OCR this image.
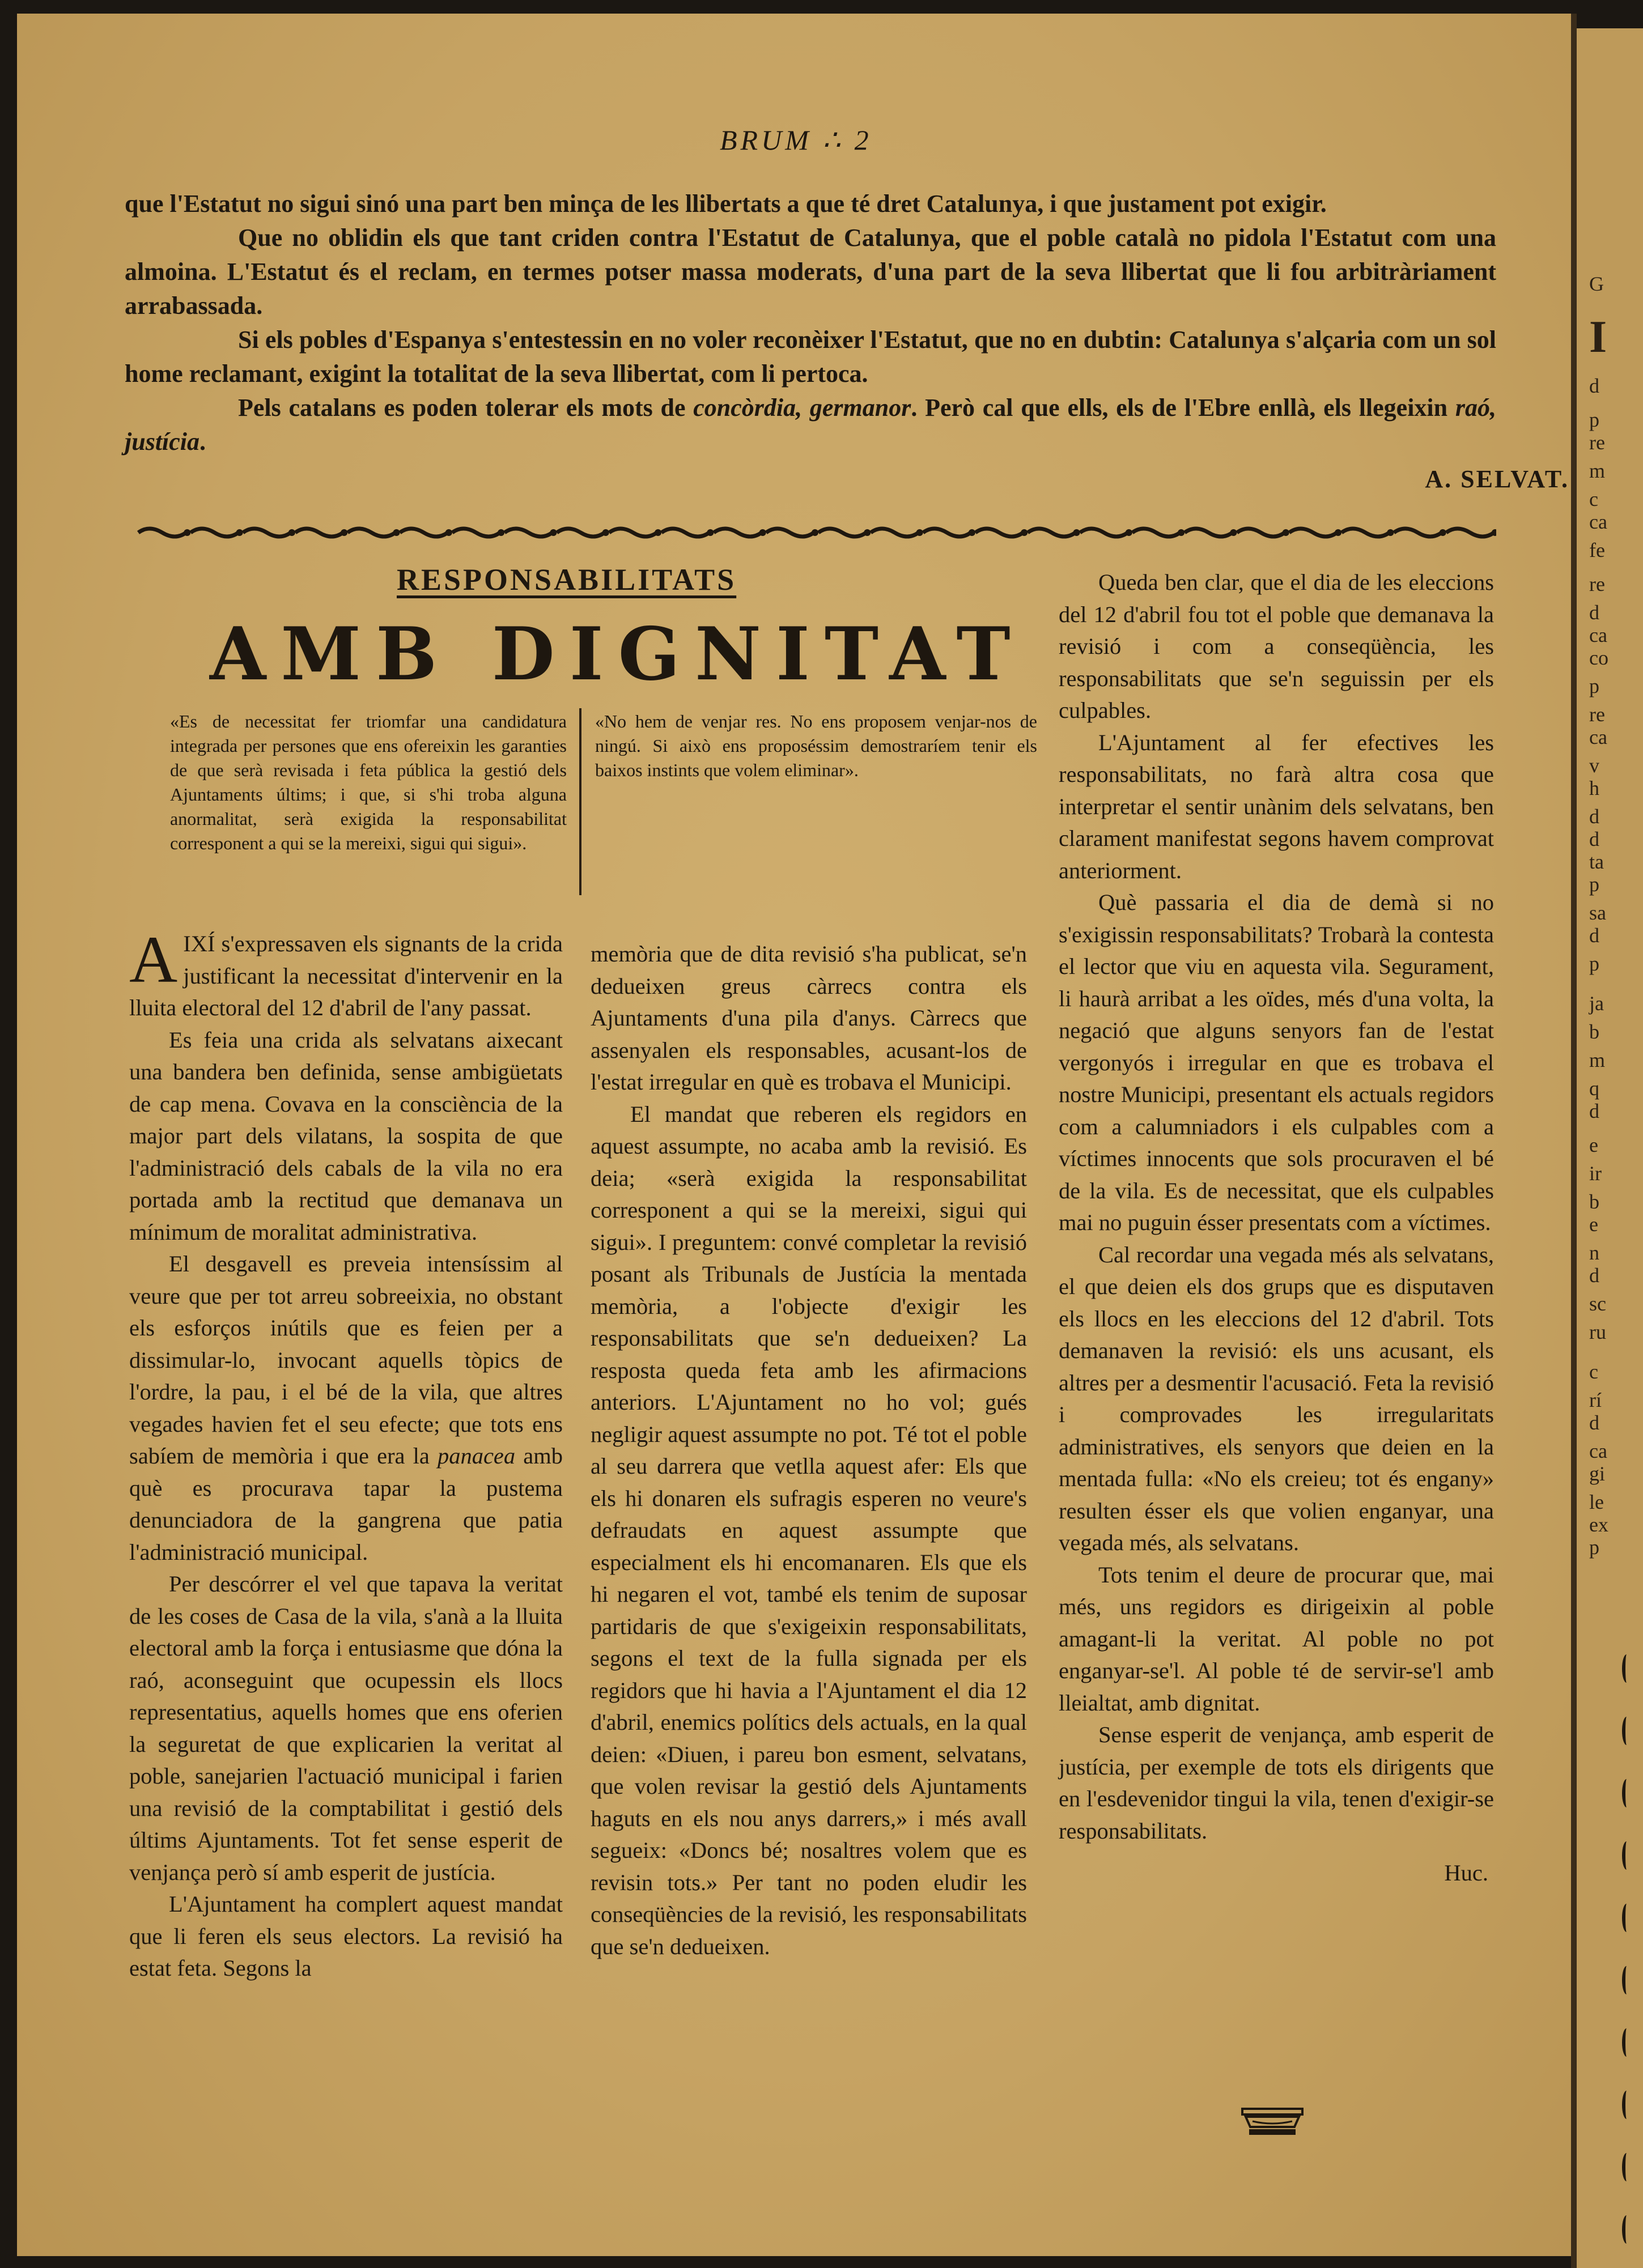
G
I
d
p
re
m
c
ca
fe
re
d
ca
co
p
re
ca
v
h
d
d
ta
p
sa
d
p
ja
b
m
q
d
e
ir
b
e
n
d
sc
ru
c
rí
d
ca
gi
le
ex
p
BRUM ∴ 2

que l'Estatut no sigui sinó una part ben minça de les llibertats a que té dret Catalunya, i que justament pot exigir.

Que no oblidin els que tant criden contra l'Estatut de Catalunya, que el poble català no pidola l'Estatut com una almoina. L'Estatut és el reclam, en termes potser massa moderats, d'una part de la seva llibertat que li fou arbitràriament arrabassada.

Si els pobles d'Espanya s'entestessin en no voler reconèixer l'Estatut, que no en dubtin: Catalunya s'alçaria com un sol home reclamant, exigint la totalitat de la seva llibertat, com li pertoca.

Pels catalans es poden tolerar els mots de concòrdia, germanor. Però cal que ells, els de l'Ebre enllà, els llegeixin raó, justícia.

A. SELVAT.
RESPONSABILITATS
AMB DIGNITAT
«Es de necessitat fer triomfar una candidatura integrada per persones que ens ofereixin les garanties de que serà revisada i feta pública la gestió dels Ajuntaments últims; i que, si s'hi troba alguna anormalitat, serà exigida la responsabilitat corresponent a qui se la mereixi, sigui qui sigui».
«No hem de venjar res. No ens proposem venjar-nos de ningú. Si això ens proposéssim demostraríem tenir els baixos instints que volem eliminar».

AIXÍ s'expressaven els signants de la crida justificant la necessitat d'intervenir en la lluita electoral del 12 d'abril de l'any passat.

Es feia una crida als selvatans aixecant una bandera ben definida, sense ambigüetats de cap mena. Covava en la consciència de la major part dels vilatans, la sospita de que l'administració dels cabals de la vila no era portada amb la rectitud que demanava un mínimum de moralitat administrativa.

El desgavell es preveia intensíssim al veure que per tot arreu sobreeixia, no obstant els esforços inútils que es feien per a dissimular-lo, invocant aquells tòpics de l'ordre, la pau, i el bé de la vila, que altres vegades havien fet el seu efecte; que tots ens sabíem de memòria i que era la panacea amb què es procurava tapar la pustema denunciadora de la gangrena que patia l'administració municipal.

Per descórrer el vel que tapava la veritat de les coses de Casa de la vila, s'anà a la lluita electoral amb la força i entusiasme que dóna la raó, aconseguint que ocupessin els llocs representatius, aquells homes que ens oferien la seguretat de que explicarien la veritat al poble, sanejarien l'actuació municipal i farien una revisió de la comptabilitat i gestió dels últims Ajuntaments. Tot fet sense esperit de venjança però sí amb esperit de justícia.

L'Ajuntament ha complert aquest mandat que li feren els seus electors. La revisió ha estat feta. Segons la

memòria que de dita revisió s'ha publicat, se'n dedueixen greus càrrecs contra els Ajuntaments d'una pila d'anys. Càrrecs que assenyalen els responsables, acusant-los de l'estat irregular en què es trobava el Municipi.

El mandat que reberen els regidors en aquest assumpte, no acaba amb la revisió. Es deia; «serà exigida la responsabilitat corresponent a qui se la mereixi, sigui qui sigui». I preguntem: convé completar la revisió posant als Tribunals de Justícia la mentada memòria, a l'objecte d'exigir les responsabilitats que se'n dedueixen? La resposta queda feta amb les afirmacions anteriors. L'Ajuntament no ho vol; gués negligir aquest assumpte no pot. Té tot el poble al seu darrera que vetlla aquest afer: Els que els hi donaren els sufragis esperen no veure's defraudats en aquest assumpte que especialment els hi encomanaren. Els que els hi negaren el vot, també els tenim de suposar partidaris de que s'exigeixin responsabilitats, segons el text de la fulla signada per els regidors que hi havia a l'Ajuntament el dia 12 d'abril, enemics polítics dels actuals, en la qual deien: «Diuen, i pareu bon esment, selvatans, que volen revisar la gestió dels Ajuntaments haguts en els nou anys darrers,» i més avall segueix: «Doncs bé; nosaltres volem que es revisin tots.» Per tant no poden eludir les conseqüències de la revisió, les responsabilitats que se'n dedueixen.

Queda ben clar, que el dia de les eleccions del 12 d'abril fou tot el poble que demanava la revisió i com a conseqüència, les responsabilitats que se'n seguissin per els culpables.

L'Ajuntament al fer efectives les responsabilitats, no farà altra cosa que interpretar el sentir unànim dels selvatans, ben clarament manifestat segons havem comprovat anteriorment.

Què passaria el dia de demà si no s'exigissin responsabilitats? Trobarà la contesta el lector que viu en aquesta vila. Segurament, li haurà arribat a les oïdes, més d'una volta, la negació que alguns senyors fan de l'estat vergonyós i irregular en que es trobava el nostre Municipi, presentant els actuals regidors com a calumniadors i els culpables com a víctimes innocents que sols procuraven el bé de la vila. Es de necessitat, que els culpables mai no puguin ésser presentats com a víctimes.

Cal recordar una vegada més als selvatans, el que deien els dos grups que es disputaven els llocs en les eleccions del 12 d'abril. Tots demanaven la revisió: els uns acusant, els altres per a desmentir l'acusació. Feta la revisió i comprovades les irregularitats administratives, els senyors que deien en la mentada fulla: «No els creieu; tot és engany» resulten ésser els que volien enganyar, una vegada més, als selvatans.

Tots tenim el deure de procurar que, mai més, uns regidors es dirigeixin al poble amagant-li la veritat. Al poble no pot enganyar-se'l. Al poble té de servir-se'l amb lleialtat, amb dignitat.

Sense esperit de venjança, amb esperit de justícia, per exemple de tots els dirigents que en l'esdevenidor tingui la vila, tenen d'exigir-se responsabilitats.

Huc.
